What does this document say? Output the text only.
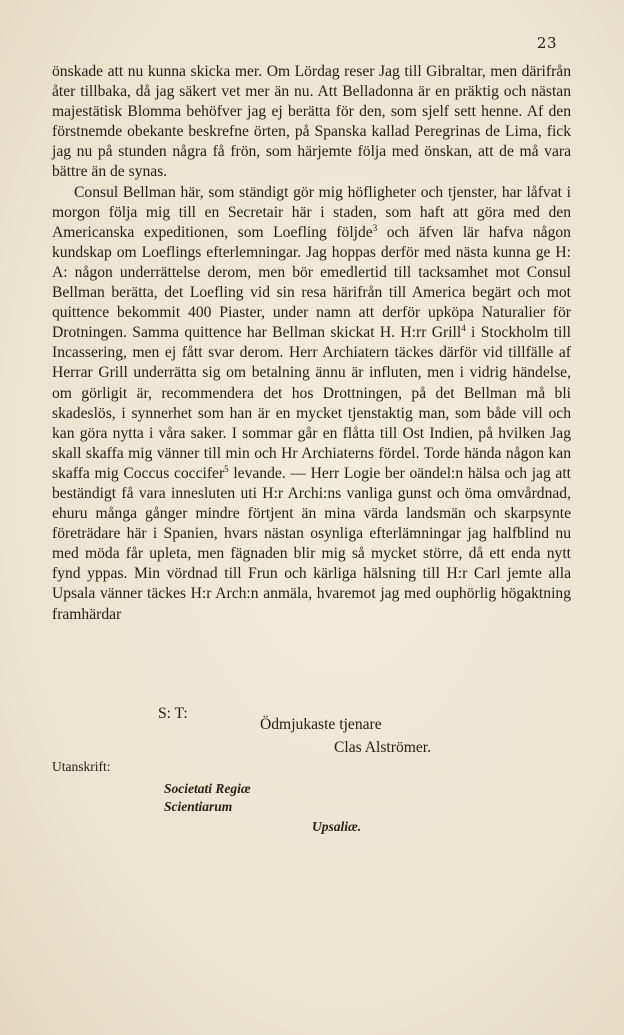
23

önskade att nu kunna skicka mer. Om Lördag reser Jag till Gibraltar, men därifrån åter tillbaka, då jag säkert vet mer än nu. Att Belladonna är en präktig och nästan majestätisk Blomma behöfver jag ej berätta för den, som sjelf sett henne. Af den förstnemde obekante beskrefne örten, på Spanska kallad Peregrinas de Lima, fick jag nu på stunden några få frön, som härjemte följa med önskan, att de må vara bättre än de synas.

Consul Bellman här, som ständigt gör mig höfligheter och tjenster, har låfvat i morgon följa mig till en Secretair här i staden, som haft att göra med den Americanska expeditionen, som Loefling följde$^3$ och äfven lär hafva någon kundskap om Loeflings efterlemningar. Jag hoppas derför med nästa kunna ge H: A: någon underrättelse derom, men bör emedlertid till tacksamhet mot Consul Bellman berätta, det Loefling vid sin resa härifrån till America begärt och mot quittence bekommit 400 Piaster, under namn att derför upköpa Naturalier för Drotningen. Samma quittence har Bellman skickat H. H:rr Grill$^4$ i Stockholm till Incassering, men ej fått svar derom. Herr Archiatern täckes därför vid tillfälle af Herrar Grill underrätta sig om betalning ännu är influten, men i vidrig händelse, om görligit är, recommendera det hos Drottningen, på det Bellman må bli skadeslös, i synnerhet som han är en mycket tjenstaktig man, som både vill och kan göra nytta i våra saker. I sommar går en flåtta till Ost Indien, på hvilken Jag skall skaffa mig vänner till min och Hr Archiaterns fördel. Torde hända någon kan skaffa mig Coccus coccifer$^5$ levande. — Herr Logie ber oändel:n hälsa och jag att beständigt få vara innesluten uti H:r Archi:ns vanliga gunst och öma omvårdnad, ehuru många gånger mindre förtjent än mina värda landsmän och skarpsynte företrädare här i Spanien, hvars nästan osynliga efterlämningar jag halfblind nu med möda får upleta, men fägnaden blir mig så mycket större, då ett enda nytt fynd yppas. Min vördnad till Frun och kärliga hälsning till H:r Carl jemte alla Upsala vänner täckes H:r Arch:n anmäla, hvaremot jag med ouphörlig högaktning framhärdar

S: T:
Ödmjukaste tjenare
Clas Alströmer.
Utanskrift:
Societati Regiæ
Scientiarum
Upsaliæ.
